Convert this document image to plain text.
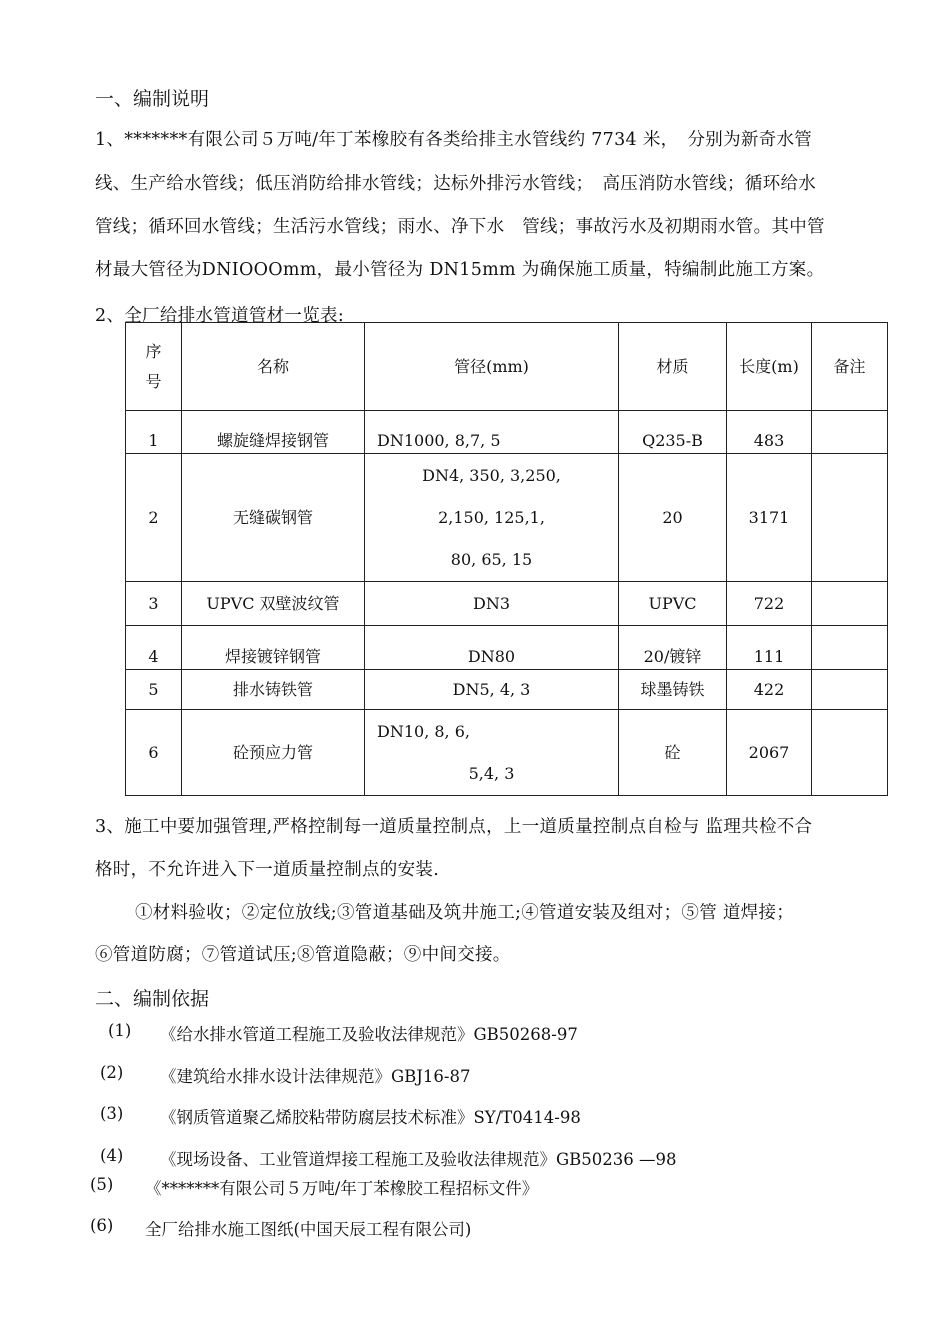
一、编制说明
1、*******有限公司５万吨/年丁苯橡胶有各类给排主水管线约 7734 米，　分别为新奇水管
线、生产给水管线；低压消防给排水管线；达标外排污水管线；　高压消防水管线；循环给水
管线；循环回水管线；生活污水管线；雨水、净下水　管线；事故污水及初期雨水管。其中管
材最大管径为DNIOOOmm，最小管径为 DN15mm 为确保施工质量，特编制此施工方案。
2、全厂给排水管道管材一览表:
序
号	名称	管径(mm)	材质	长度(m)	备注
1	螺旋缝焊接钢管	DN1000, 8,7, 5	Q235-B	483	
2	无缝碳钢管	DN4, 350, 3,250,
2,150, 125,1,
80, 65, 15	20	3171	
3	UPVC 双壁波纹管	DN3	UPVC	722	
4	焊接镀锌钢管	DN80	20/镀锌	111	
5	排水铸铁管	DN5, 4, 3	球墨铸铁	422	
6	砼预应力管	DN10, 8, 6,
5,4, 3	砼	2067	
3、施工中要加强管理,严格控制每一道质量控制点，上一道质量控制点自检与 监理共检不合
格时，不允许进入下一道质量控制点的安装.
①材料验收；②定位放线;③管道基础及筑井施工;④管道安装及组对；⑤管 道焊接；
⑥管道防腐；⑦管道试压;⑧管道隐蔽；⑨中间交接。
二、编制依据
(1) 《给水排水管道工程施工及验收法律规范》GB50268-97
(2) 《建筑给水排水设计法律规范》GBJ16-87
(3) 《钢质管道聚乙烯胶粘带防腐层技术标准》SY/T0414-98
(4) 《现场设备、工业管道焊接工程施工及验收法律规范》GB50236 —98
(5) 《*******有限公司５万吨/年丁苯橡胶工程招标文件》
(6) 全厂给排水施工图纸(中国天辰工程有限公司)
